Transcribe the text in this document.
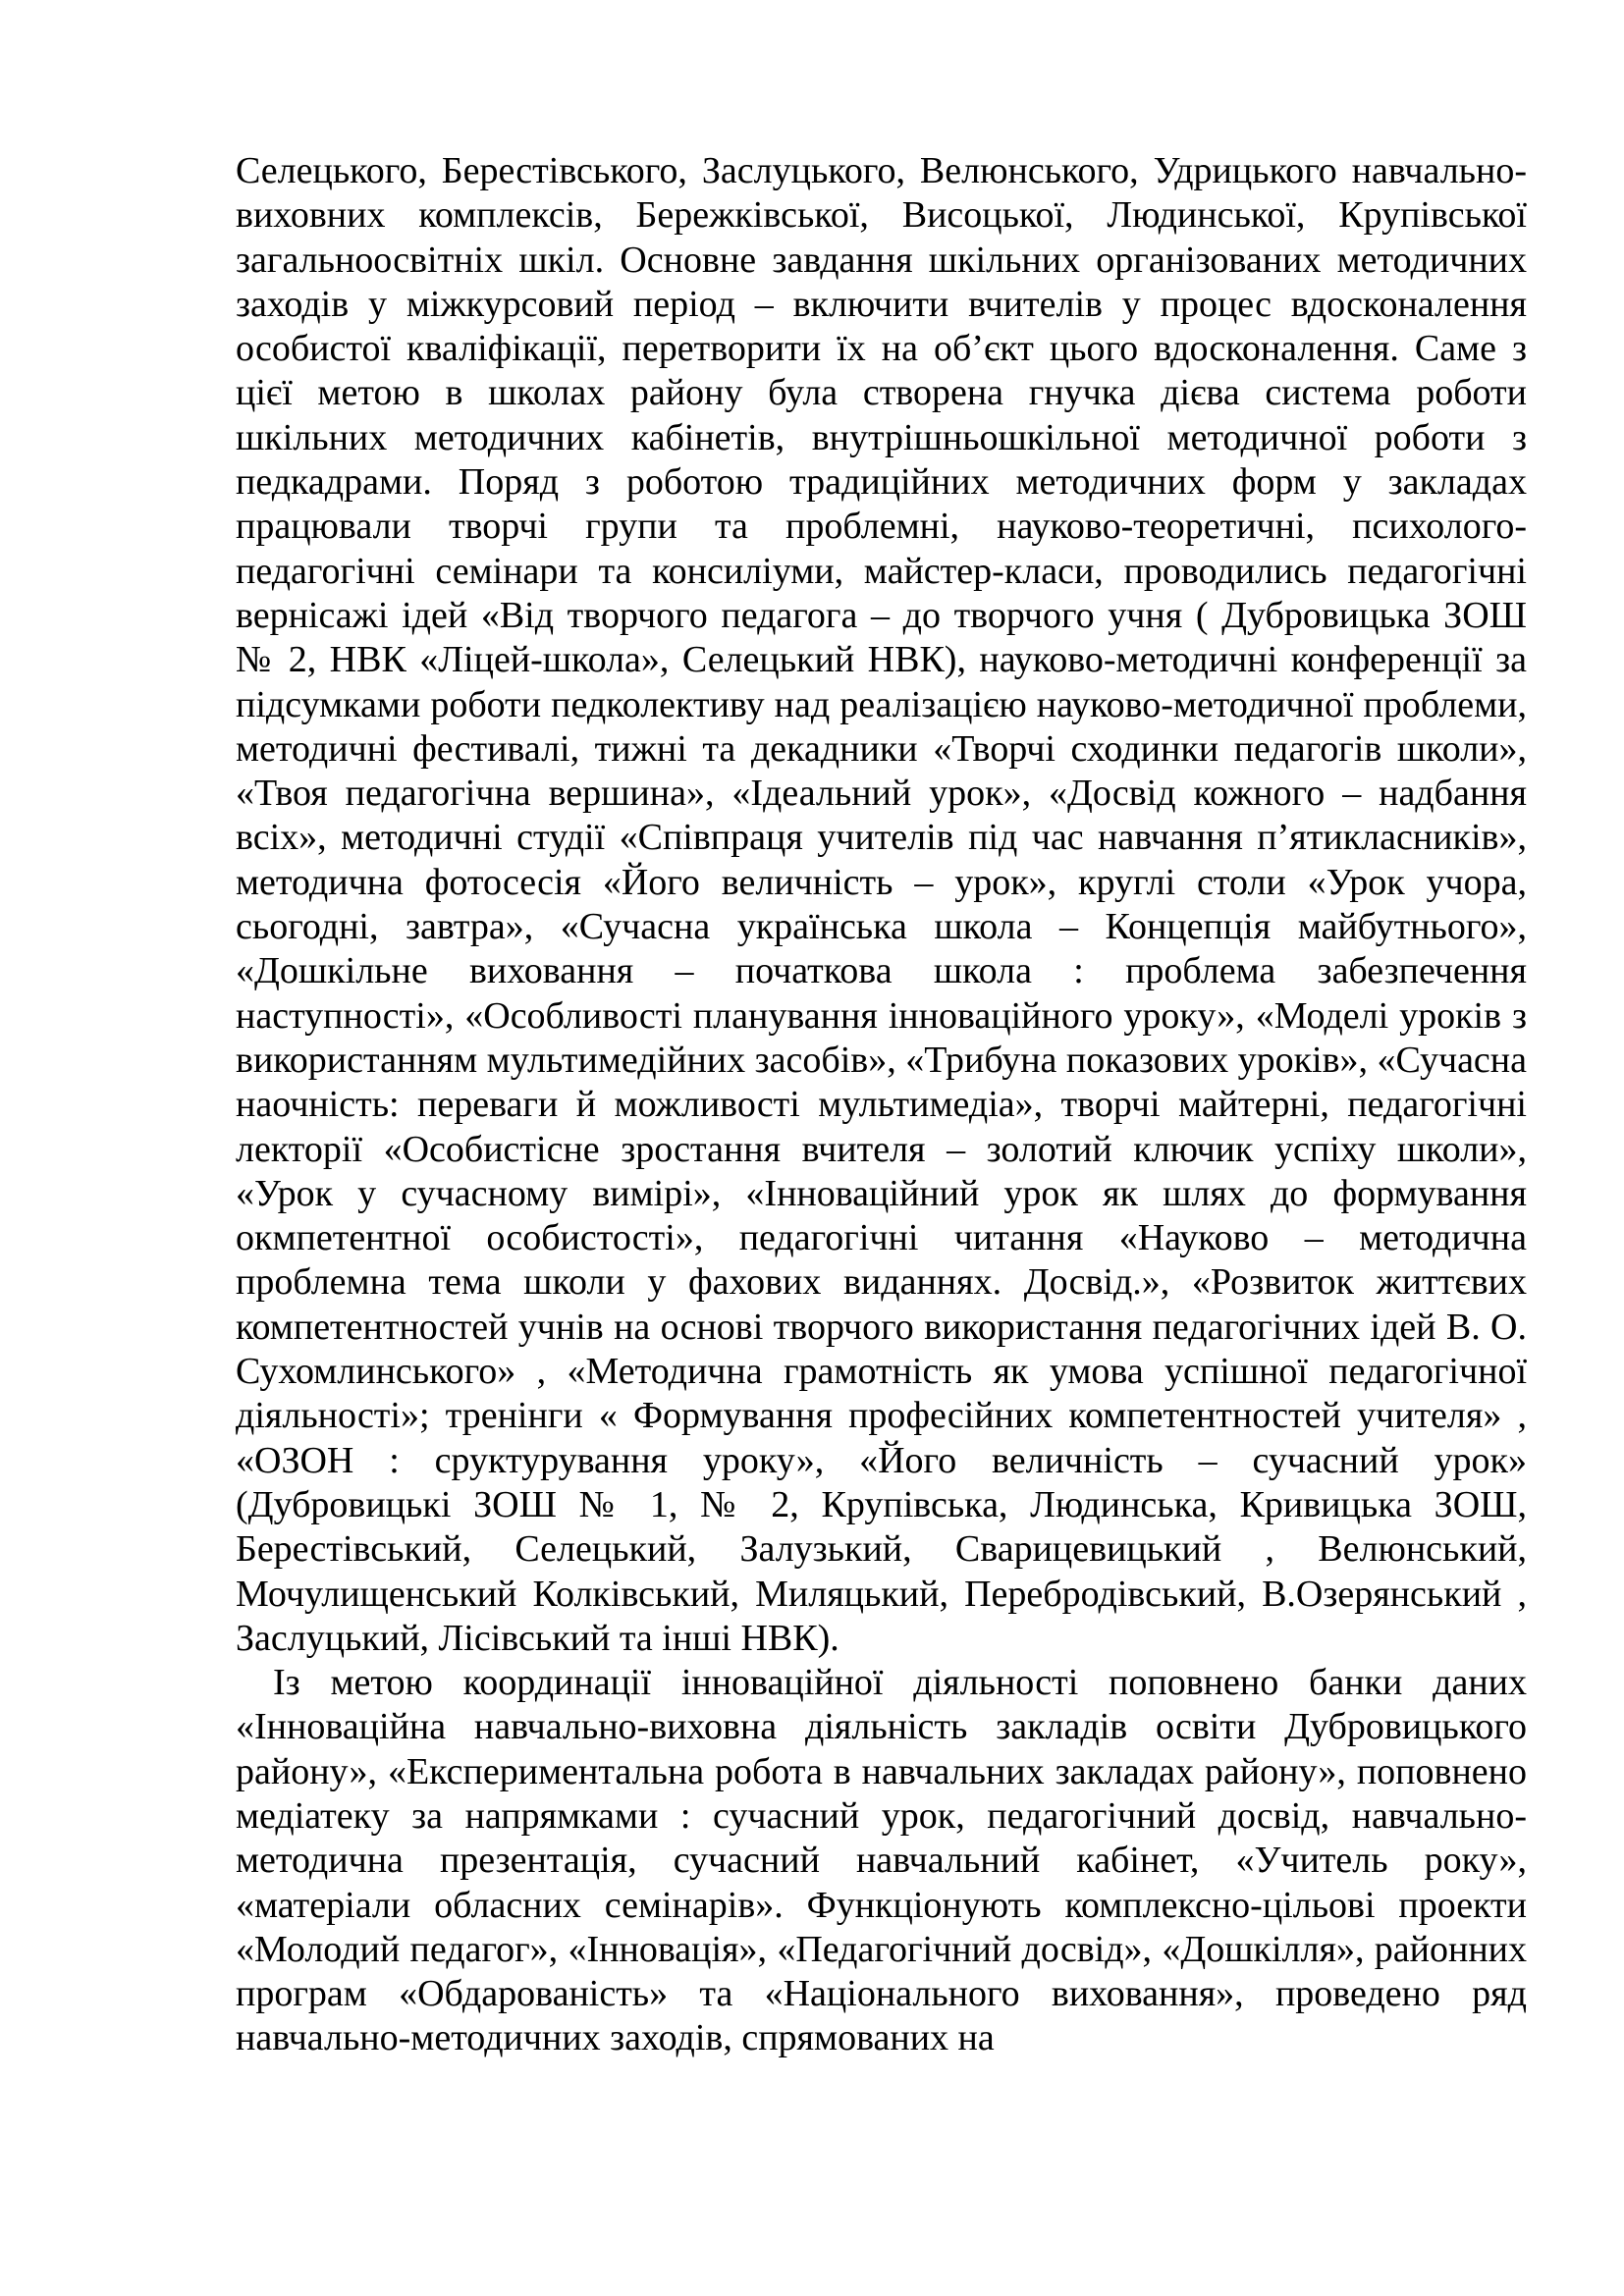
Селецького, Берестівського, Заслуцького, Велюнського, Удрицького навчально-виховних комплексів, Бережківської, Висоцької, Людинської, Крупівської загальноосвітніх шкіл. Основне завдання шкільних організованих методичних заходів у міжкурсовий період – включити вчителів у процес вдосконалення особистої кваліфікації, перетворити їх на об’єкт цього вдосконалення. Саме з цієї метою в школах району була створена гнучка дієва система роботи шкільних методичних кабінетів, внутрішньошкільної методичної роботи з педкадрами. Поряд з роботою традиційних методичних форм у закладах працювали творчі групи та проблемні, науково-теоретичні, психолого-педагогічні семінари та консиліуми, майстер-класи, проводились педагогічні вернісажі ідей «Від творчого педагога – до творчого учня ( Дубровицька ЗОШ № 2, НВК «Ліцей-школа», Селецький НВК), науково-методичні конференції за підсумками роботи педколективу над реалізацією науково-методичної проблеми, методичні фестивалі, тижні та декадники «Творчі сходинки педагогів школи», «Твоя педагогічна вершина», «Ідеальний урок», «Досвід кожного – надбання всіх», методичні студії «Співпраця учителів під час навчання п’ятикласників», методична фотосесія «Його величність – урок», круглі столи «Урок учора, сьогодні, завтра», «Сучасна українська школа – Концепція майбутнього», «Дошкільне виховання – початкова школа : проблема забезпечення наступності», «Особливості планування інноваційного уроку», «Моделі уроків з використанням мультимедійних засобів», «Трибуна показових уроків», «Сучасна наочність: переваги й можливості мультимедіа», творчі майтерні, педагогічні лекторії «Особистісне зростання вчителя – золотий ключик успіху школи», «Урок у сучасному вимірі», «Інноваційний урок як шлях до формування окмпетентної особистості», педагогічні читання «Науково – методична проблемна тема школи у фахових виданнях. Досвід.», «Розвиток життєвих компетентностей учнів на основі творчого використання педагогічних ідей В. О. Сухомлинського» , «Методична грамотність як умова успішної педагогічної діяльності»; тренінги « Формування професійних компетентностей учителя» , «ОЗОН : сруктурування уроку», «Його величність – сучасний урок» (Дубровицькі ЗОШ № 1, № 2, Крупівська, Людинська, Кривицька ЗОШ, Берестівський, Селецький, Залузький, Сварицевицький , Велюнський, Мочулищенський Колківський, Миляцький, Перебродівський, В.Озерянський , Заслуцький, Лісівський та інші НВК).

Із метою координації інноваційної діяльності поповнено банки даних «Інноваційна навчально-виховна діяльність закладів освіти Дубровицького району», «Експериментальна робота в навчальних закладах району», поповнено медіатеку за напрямками : сучасний урок, педагогічний досвід, навчально- методична презентація, сучасний навчальний кабінет, «Учитель року», «матеріали обласних семінарів». Функціонують комплексно-цільові проекти «Молодий педагог», «Інновація», «Педагогічний досвід», «Дошкілля», районних програм «Обдарованість» та «Національного виховання», проведено ряд навчально-методичних заходів, спрямованих на
